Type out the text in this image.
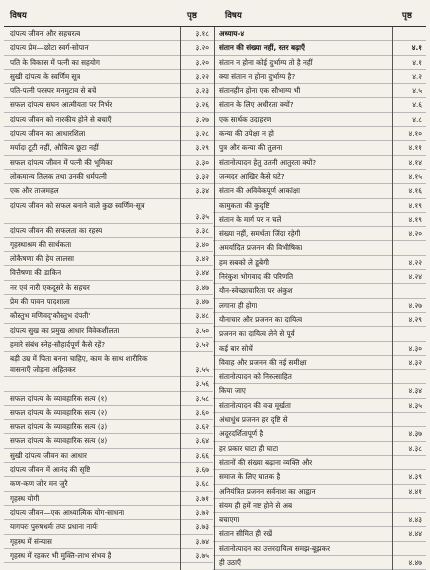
विषय	पृष्ठ	विषय	पृष्ठ
दांपत्य जीवन और सहचरत्व	३.१८
दांपत्य प्रेम—छोटा स्वर्ग-सोपान	३.२०
पति के विकास में पत्नी का सहयोग	३.२०
सुखी दांपत्य के स्वर्णिम सूत्र	३.२२
पति-पत्नी परस्पर मनमुटाव से बचें	३.२३
सफल दांपत्य सघन आत्मीयता पर निर्भर	३.२६
दांपत्य जीवन को नारकीय होने से बचाएँ	३.२७
दांपत्य जीवन का आधारशिला	३.२८
मर्यादा टूटी नहीं, औचित्य छूटा नहीं	३.२९
सफल दांपत्य जीवन में पत्नी की भूमिका	३.३०
लोकमान्य तिलक तथा उनकी धर्मपत्नी	३.३२
एक और ताजमहल	३.३४
दांपत्य जीवन को सफल बनाने वाले कुछ स्वर्णिम-सूत्र
३.३५
दांपत्य जीवन की सफलता का रहस्य	३.३८
गृहस्थाश्रम की सार्थकता	३.४०
लोकैषणा की हेय लालसा	३.४२
वित्तैषणा की डाकिन	३.४४
नर एवं नारी एकदूसरे के सहचर	३.४७
प्रेम की पावन पादशाला	३.४७
कौस्तुभ मणिवद्‌'कौस्तुभ दंपती'	३.४८
दांपत्य सुख का प्रमुख आधार विवेकशीलता	३.५०
हमारे संबंध स्नेह-सौहार्दपूर्ण कैसे रहें?	३.५२
बड़ी उम्र में पिता बनना चाहिए, काम के साथ शारीरिक वासनाएँ जोड़ना अहितकर	३.५५
३.५६
सफल दांपत्य के व्यावहारिक सत्य (१)	३.५८
सफल दांपत्य के व्यावहारिक सत्य (२)	३.६०
सफल दांपत्य के व्यावहारिक सत्य (३)	३.६२
सफल दांपत्य के व्यावहारिक सत्य (४)	३.६४
सुखी दांपत्य जीवन का आधार	३.६६
दांपत्य जीवन में आनंद की सृष्टि	३.६७
कण-कण जोर मन जुरै	३.६८
गृहस्थ योगी	३.७१
दांपत्य जीवन—एक आध्यात्मिक योग-साधना	३.७२
यागपरः पुरुषधर्मः तपः प्रधाना नार्यः	३.७३
गृहस्थ में संन्यास	३.७४
गृहस्थ में रहकर भी मुक्ति-लाभ संभव है	३.७५
अध्याय-४
संतान की संख्या नहीं, स्तर बढ़ाएँ	४.१
संतान न होना कोई दुर्भाग्य तो है नहीं	४.१
क्या संतान न होना दुर्भाग्य है?	४.२
संतानहीन होना एक सौभाग्य भी	४.५
संतान के लिए अधीरता क्यों?	४.६
एक सार्थक उदाहरण	४.८
कन्या की उपेक्षा न हो	४.१०
पुत्र और कन्या की तुलना	४.११
संतानोत्पादन हेतु उतनी आतुरता क्यों?	४.१४
जन्मदर आखिर कैसे घटे?	४.१५
संतान की अविवेकपूर्ण आकांक्षा	४.१६
कामुकता की कुदृष्टि	४.१९
संतान के मार्ग पर न चलें	४.१९
संख्या नहीं, समर्थता जिंदा रहेगी	४.२०
अमर्यादित प्रजनन की विभीषिका
हम सबको ले डूबेगी	४.२२
निरंकुश भोगवाद की परिणति	४.२४
यौन-स्वेच्छाचारिता पर अंकुश
लगाना ही होगा	४.२७
यौनाचार और प्रजनन का दायित्व	४.२९
प्रजनन का दायित्व लेने से पूर्व
कई बार सोचें	४.३०
विवाह और प्रजनन की नई समीक्षा	४.३२
संतानोत्पादन को निरुत्साहित
किया जाए	४.३४
संतानोत्पादन की वज्र मूर्खता	४.३५
अंधाधुंध प्रजनन हर दृष्टि से
अदूरदर्शितापूर्ण है	४.३७
हर प्रकार घाटा ही घाटा	४.३८
संतानों की संख्या बढ़ाना व्यक्ति और
समाज के लिए घातक है	४.३९
अनियंत्रित प्रजनन सर्वनाश का आह्वान	४.४१
संयम ही हमें नष्ट होने से अब
बचाएगा	४.४३
संतान सीमित ही रखें	४.४४
संतानोत्पादन का उत्तरदायित्व समझ-बूझकर
ही उठाएँ	४.४७
